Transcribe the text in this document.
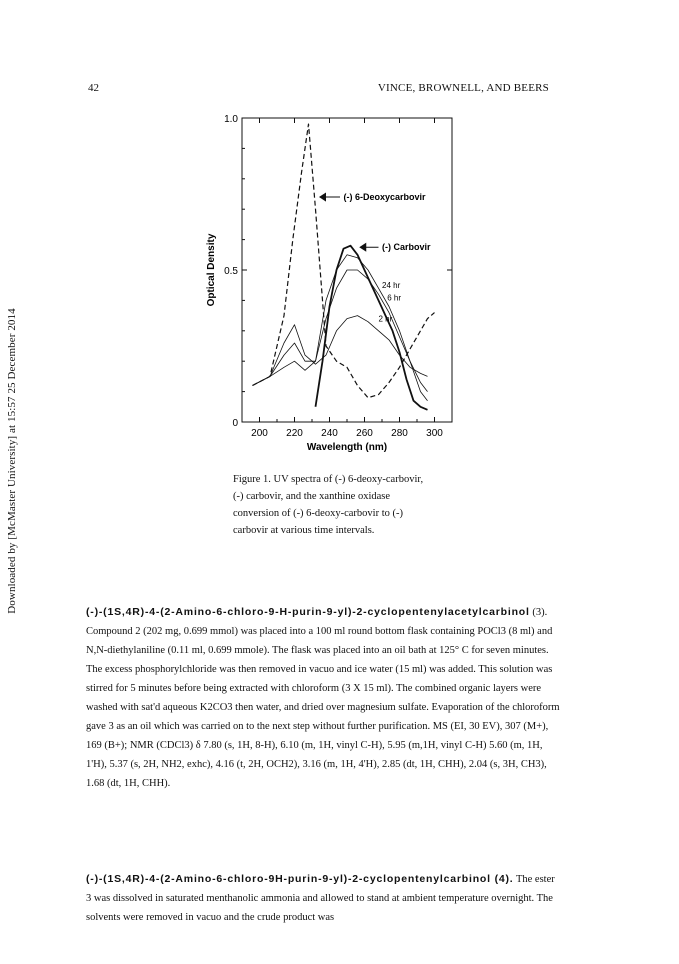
42	VINCE, BROWNELL, AND BEERS
Downloaded by [McMaster University] at 15:57 25 December 2014	200 220 240 260 280 300
0
0.5
1.0
Wavelength (nm)
Optical Density
(-) 6-Deoxycarbovir
(-) Carbovir
24 hr
6 hr
2 hr
Figure 1. UV spectra of (-) 6-deoxy-carbovir, (-) carbovir, and the xanthine oxidase conversion of (-) 6-deoxy-carbovir to (-) carbovir at various time intervals.
(-)-(1S,4R)-4-(2-Amino-6-chloro-9-H-purin-9-yl)-2-cyclopentenylacetylcarbinol (3). Compound 2 (202 mg, 0.699 mmol) was placed into a 100 ml round bottom flask containing POCl3 (8 ml) and N,N-diethylaniline (0.11 ml, 0.699 mmole). The flask was placed into an oil bath at 125° C for seven minutes. The excess phosphorylchloride was then removed in vacuo and ice water (15 ml) was added. This solution was stirred for 5 minutes before being extracted with chloroform (3 X 15 ml). The combined organic layers were washed with sat'd aqueous K2CO3 then water, and dried over magnesium sulfate. Evaporation of the chloroform gave 3 as an oil which was carried on to the next step without further purification. MS (EI, 30 EV), 307 (M+), 169 (B+); NMR (CDCl3) δ 7.80 (s, 1H, 8-H), 6.10 (m, 1H, vinyl C-H), 5.95 (m,1H, vinyl C-H) 5.60 (m, 1H, 1'H), 5.37 (s, 2H, NH2, exhc), 4.16 (t, 2H, OCH2), 3.16 (m, 1H, 4'H), 2.85 (dt, 1H, CHH), 2.04 (s, 3H, CH3), 1.68 (dt, 1H, CHH).
(-)-(1S,4R)-4-(2-Amino-6-chloro-9H-purin-9-yl)-2-cyclopentenylcarbinol (4). The ester 3 was dissolved in saturated menthanolic ammonia and allowed to stand at ambient temperature overnight. The solvents were removed in vacuo and the crude product was
